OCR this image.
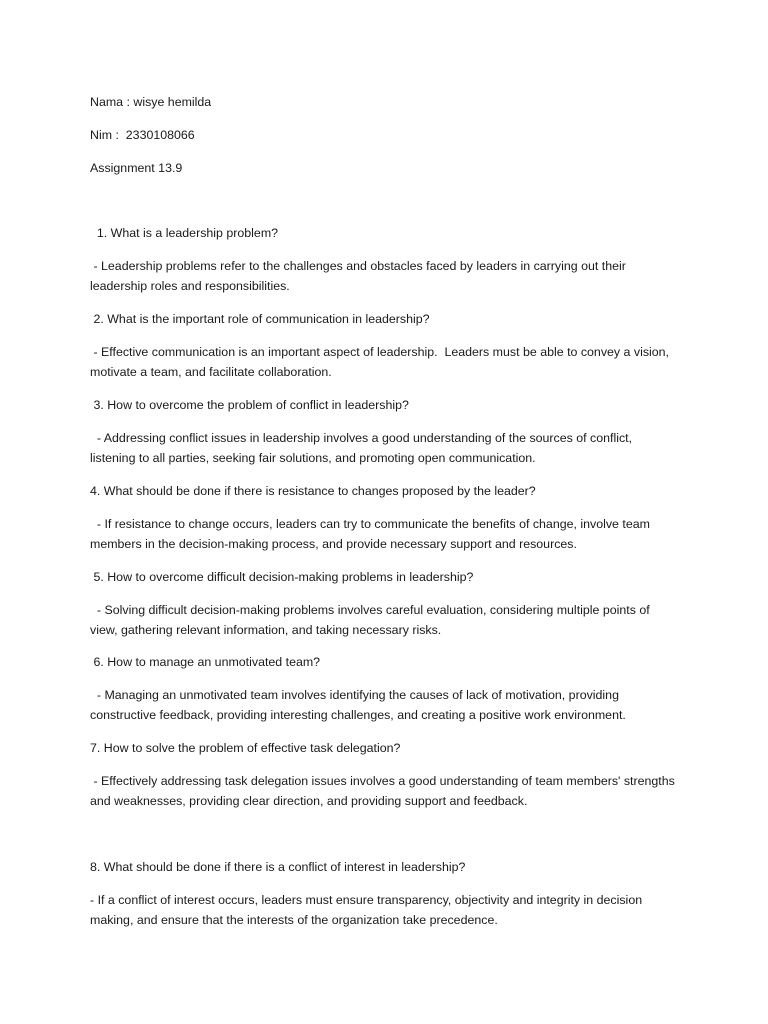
Nama : wisye hemilda

Nim :  2330108066

Assignment 13.9

1. What is a leadership problem?

- Leadership problems refer to the challenges and obstacles faced by leaders in carrying out their leadership roles and responsibilities.

2. What is the important role of communication in leadership?

- Effective communication is an important aspect of leadership.  Leaders must be able to convey a vision, motivate a team, and facilitate collaboration.

3. How to overcome the problem of conflict in leadership?

- Addressing conflict issues in leadership involves a good understanding of the sources of conflict, listening to all parties, seeking fair solutions, and promoting open communication.

4. What should be done if there is resistance to changes proposed by the leader?

- If resistance to change occurs, leaders can try to communicate the benefits of change, involve team members in the decision-making process, and provide necessary support and resources.

5. How to overcome difficult decision-making problems in leadership?

- Solving difficult decision-making problems involves careful evaluation, considering multiple points of view, gathering relevant information, and taking necessary risks.

6. How to manage an unmotivated team?

- Managing an unmotivated team involves identifying the causes of lack of motivation, providing constructive feedback, providing interesting challenges, and creating a positive work environment.

7. How to solve the problem of effective task delegation?

- Effectively addressing task delegation issues involves a good understanding of team members' strengths and weaknesses, providing clear direction, and providing support and feedback.

8. What should be done if there is a conflict of interest in leadership?

- If a conflict of interest occurs, leaders must ensure transparency, objectivity and integrity in decision making, and ensure that the interests of the organization take precedence.
